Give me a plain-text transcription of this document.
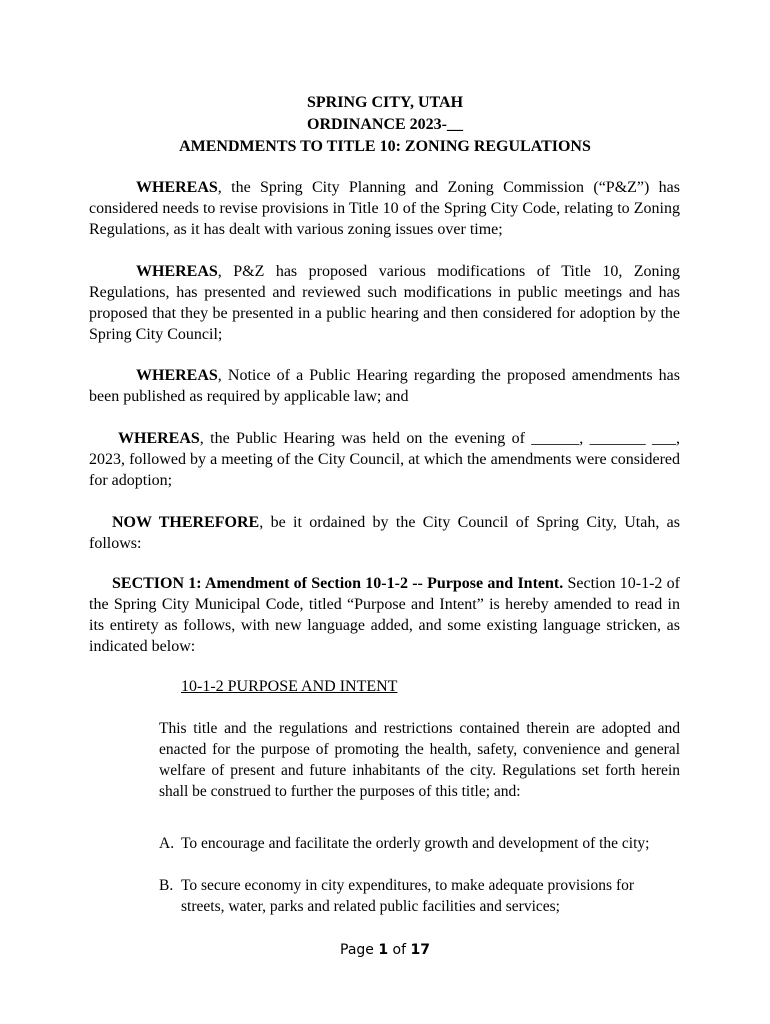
SPRING CITY, UTAH
ORDINANCE 2023-__
AMENDMENTS TO TITLE 10: ZONING REGULATIONS
WHEREAS, the Spring City Planning and Zoning Commission (“P&Z”) has considered needs to revise provisions in Title 10 of the Spring City Code, relating to Zoning Regulations, as it has dealt with various zoning issues over time;
WHEREAS, P&Z has proposed various modifications of Title 10, Zoning Regulations, has presented and reviewed such modifications in public meetings and has proposed that they be presented in a public hearing and then considered for adoption by the Spring City Council;
WHEREAS, Notice of a Public Hearing regarding the proposed amendments has been published as required by applicable law; and
WHEREAS, the Public Hearing was held on the evening of ______, _______ ___, 2023, followed by a meeting of the City Council, at which the amendments were considered for adoption;
NOW THEREFORE, be it ordained by the City Council of Spring City, Utah, as follows:
SECTION 1: Amendment of Section 10-1-2 -- Purpose and Intent. Section 10-1-2 of the Spring City Municipal Code, titled “Purpose and Intent” is hereby amended to read in its entirety as follows, with new language added, and some existing language stricken, as indicated below:
10-1-2 PURPOSE AND INTENT
This title and the regulations and restrictions contained therein are adopted and enacted for the purpose of promoting the health, safety, convenience and general welfare of present and future inhabitants of the city. Regulations set forth herein shall be construed to further the purposes of this title; and:
A. To encourage and facilitate the orderly growth and development of the city;
B. To secure economy in city expenditures, to make adequate provisions for streets, water, parks and related public facilities and services;
Page 1 of 17
